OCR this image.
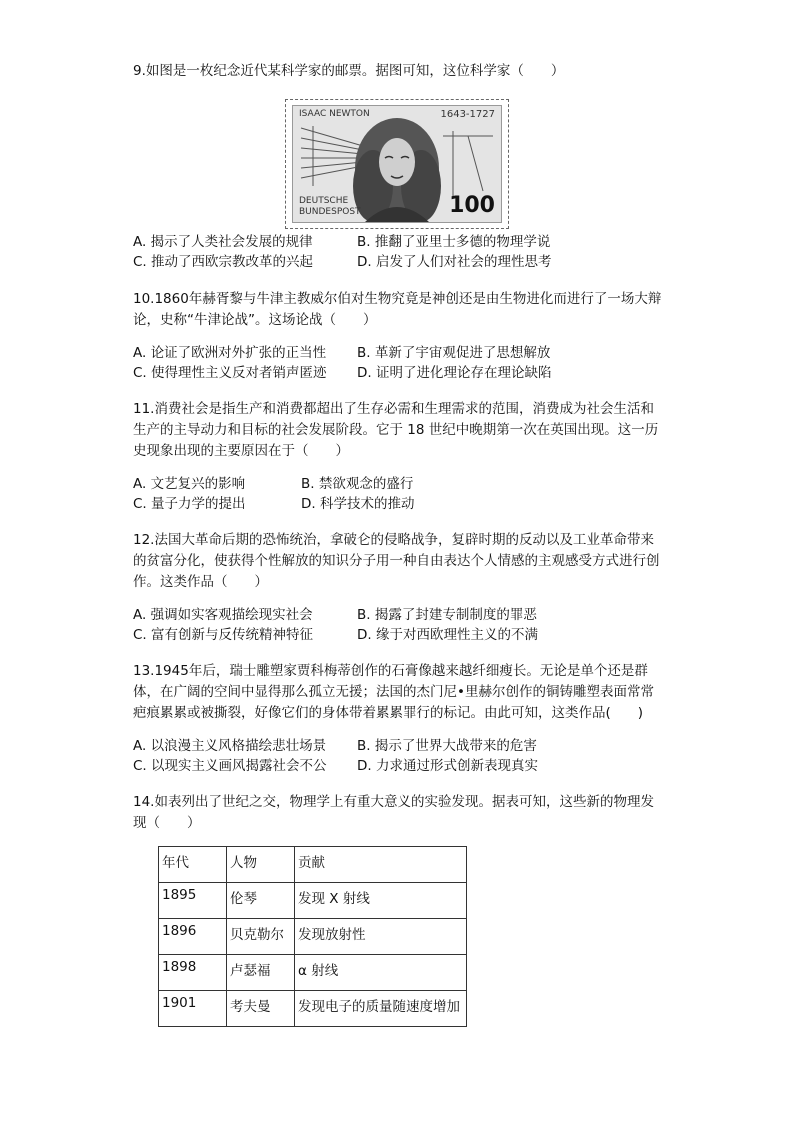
9.如图是一枚纪念近代某科学家的邮票。据图可知，这位科学家（　　）

ISAAC NEWTON	1643-1727
DEUTSCHE
BUNDESPOST	100
A. 揭示了人类社会发展的规律	B. 推翻了亚里士多德的物理学说
C. 推动了西欧宗教改革的兴起	D. 启发了人们对社会的理性思考

10.1860年赫胥黎与牛津主教威尔伯对生物究竟是神创还是由生物进化而进行了一场大辩论，史称“牛津论战”。这场论战（　　）

A. 论证了欧洲对外扩张的正当性 B. 革新了宇宙观促进了思想解放
C. 使得理性主义反对者销声匿迹 D. 证明了进化理论存在理论缺陷

11.消费社会是指生产和消费都超出了生存必需和生理需求的范围，消费成为社会生活和生产的主导动力和目标的社会发展阶段。它于 18 世纪中晚期第一次在英国出现。这一历史现象出现的主要原因在于（　　）

A. 文艺复兴的影响	B. 禁欲观念的盛行
C. 量子力学的提出	D. 科学技术的推动

12.法国大革命后期的恐怖统治，拿破仑的侵略战争，复辟时期的反动以及工业革命带来的贫富分化，使获得个性解放的知识分子用一种自由表达个人情感的主观感受方式进行创作。这类作品（　　）

A. 强调如实客观描绘现实社会	B. 揭露了封建专制制度的罪恶
C. 富有创新与反传统精神特征	D. 缘于对西欧理性主义的不满

13.1945年后，瑞士雕塑家贾科梅蒂创作的石膏像越来越纤细瘦长。无论是单个还是群体，在广阔的空间中显得那么孤立无援；法国的杰门尼•里赫尔创作的铜铸雕塑表面常常疤痕累累或被撕裂，好像它们的身体带着累累罪行的标记。由此可知，这类作品(　　)

A. 以浪漫主义风格描绘悲壮场景 B. 揭示了世界大战带来的危害
C. 以现实主义画风揭露社会不公 D. 力求通过形式创新表现真实

14.如表列出了世纪之交，物理学上有重大意义的实验发现。据表可知，这些新的物理发现（　　）

年代	人物	贡献
1895	伦琴	发现 X 射线
1896	贝克勒尔	发现放射性
1898	卢瑟福	α 射线
1901	考夫曼	发现电子的质量随速度增加
